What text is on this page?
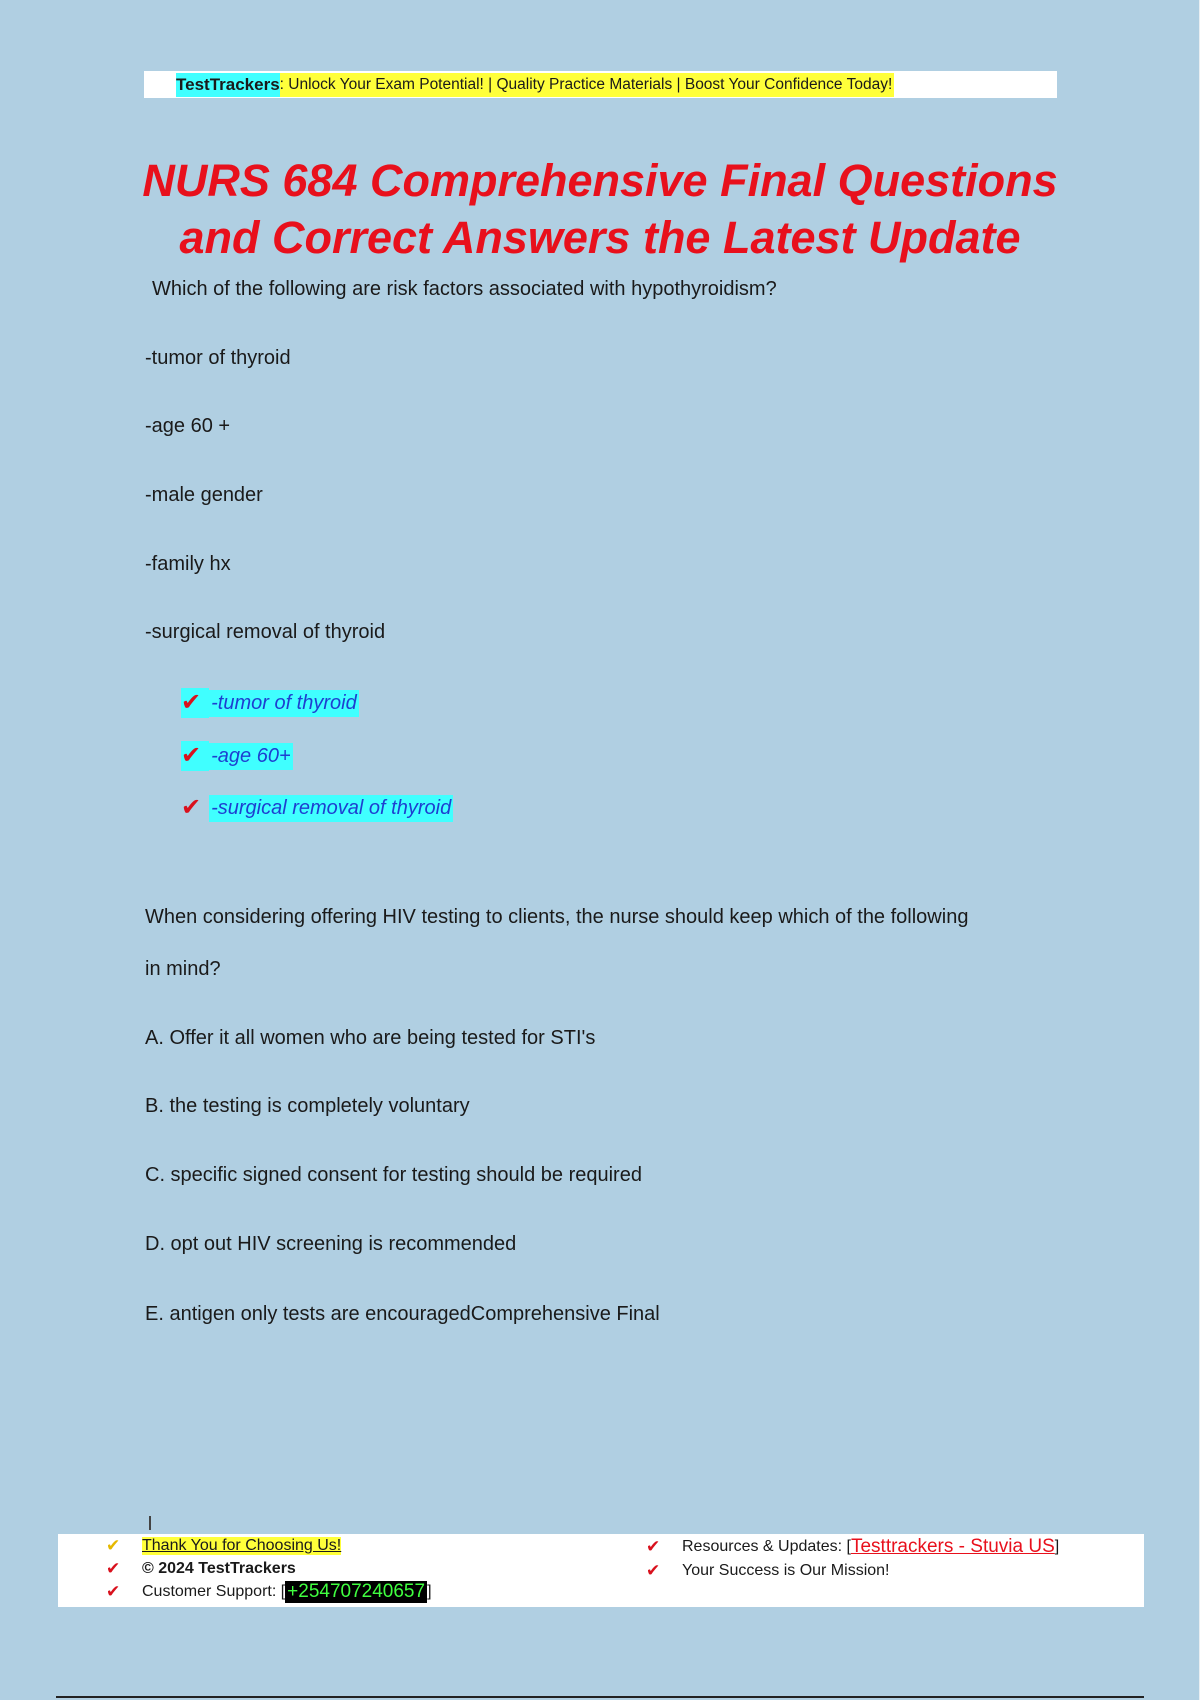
TestTrackers : Unlock Your Exam Potential! | Quality Practice Materials | Boost Your Confidence Today!
NURS 684 Comprehensive Final Questions
and Correct Answers the Latest Update
Which of the following are risk factors associated with hypothyroidism?
-tumor of thyroid
-age 60 +
-male gender
-family hx
-surgical removal of thyroid
✔ -tumor of thyroid
✔ -age 60+
✔ -surgical removal of thyroid
When considering offering HIV testing to clients, the nurse should keep which of the following
in mind?
A. Offer it all women who are being tested for STI's
B. the testing is completely voluntary
C. specific signed consent for testing should be required
D. opt out HIV screening is recommended
E. antigen only tests are encouragedComprehensive Final
✔	Thank You for Choosing Us!
✔	© 2024 TestTrackers
✔	Customer Support: [ +254707240657 ]
✔	Resources & Updates: [ Testtrackers - Stuvia US ]
✔	Your Success is Our Mission!
